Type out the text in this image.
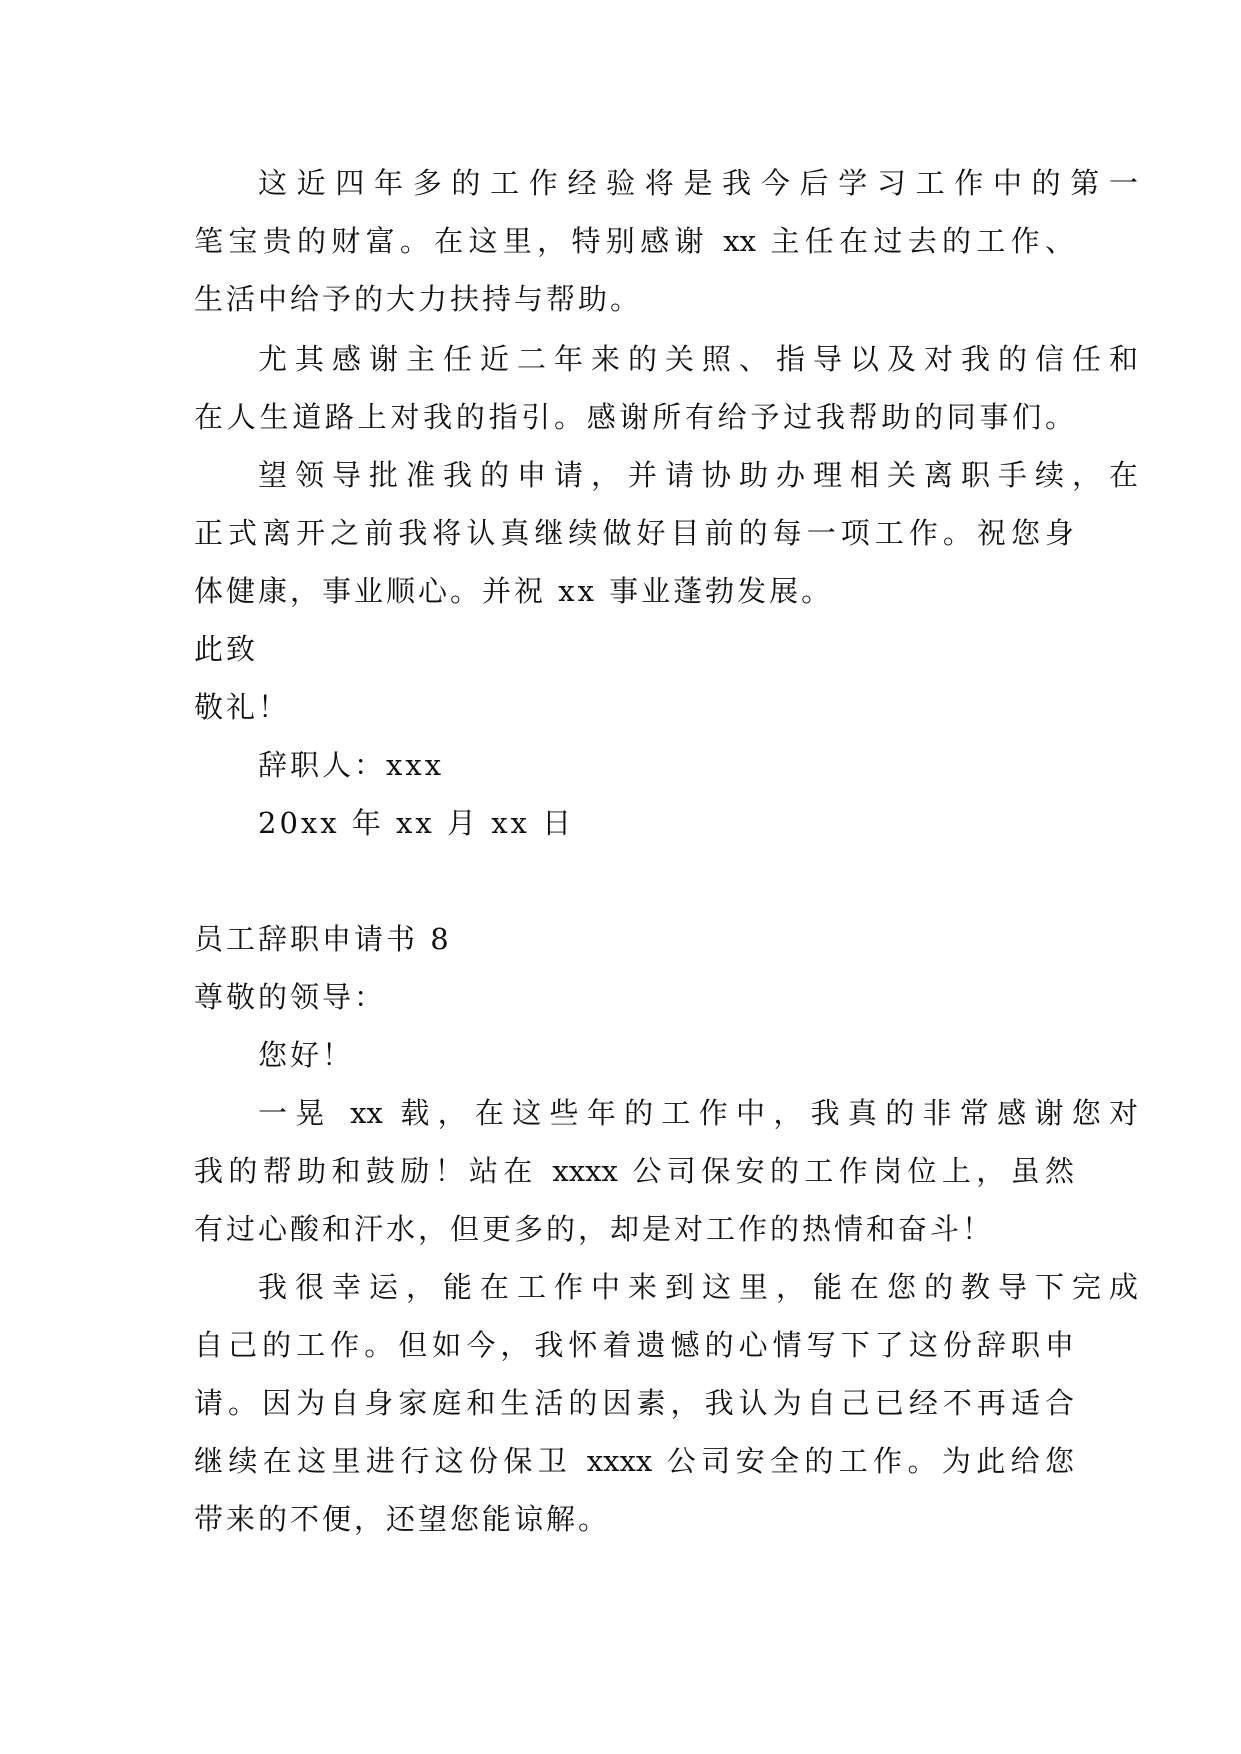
这近四年多的工作经验将是我今后学习工作中的第一
笔宝贵的财富。在这里，特别感谢 xx 主任在过去的工作、
生活中给予的大力扶持与帮助。
尤其感谢主任近二年来的关照、指导以及对我的信任和
在人生道路上对我的指引。感谢所有给予过我帮助的同事们。
望领导批准我的申请，并请协助办理相关离职手续，在
正式离开之前我将认真继续做好目前的每一项工作。祝您身
体健康，事业顺心。并祝 xx 事业蓬勃发展。
此致
敬礼！
辞职人：xxx
20xx 年 xx 月 xx 日
员工辞职申请书 8
尊敬的领导：
您好！
一晃 xx 载，在这些年的工作中，我真的非常感谢您对
我的帮助和鼓励！站在 xxxx 公司保安的工作岗位上，虽然
有过心酸和汗水，但更多的，却是对工作的热情和奋斗！
我很幸运，能在工作中来到这里，能在您的教导下完成
自己的工作。但如今，我怀着遗憾的心情写下了这份辞职申
请。因为自身家庭和生活的因素，我认为自己已经不再适合
继续在这里进行这份保卫 xxxx 公司安全的工作。为此给您
带来的不便，还望您能谅解。
